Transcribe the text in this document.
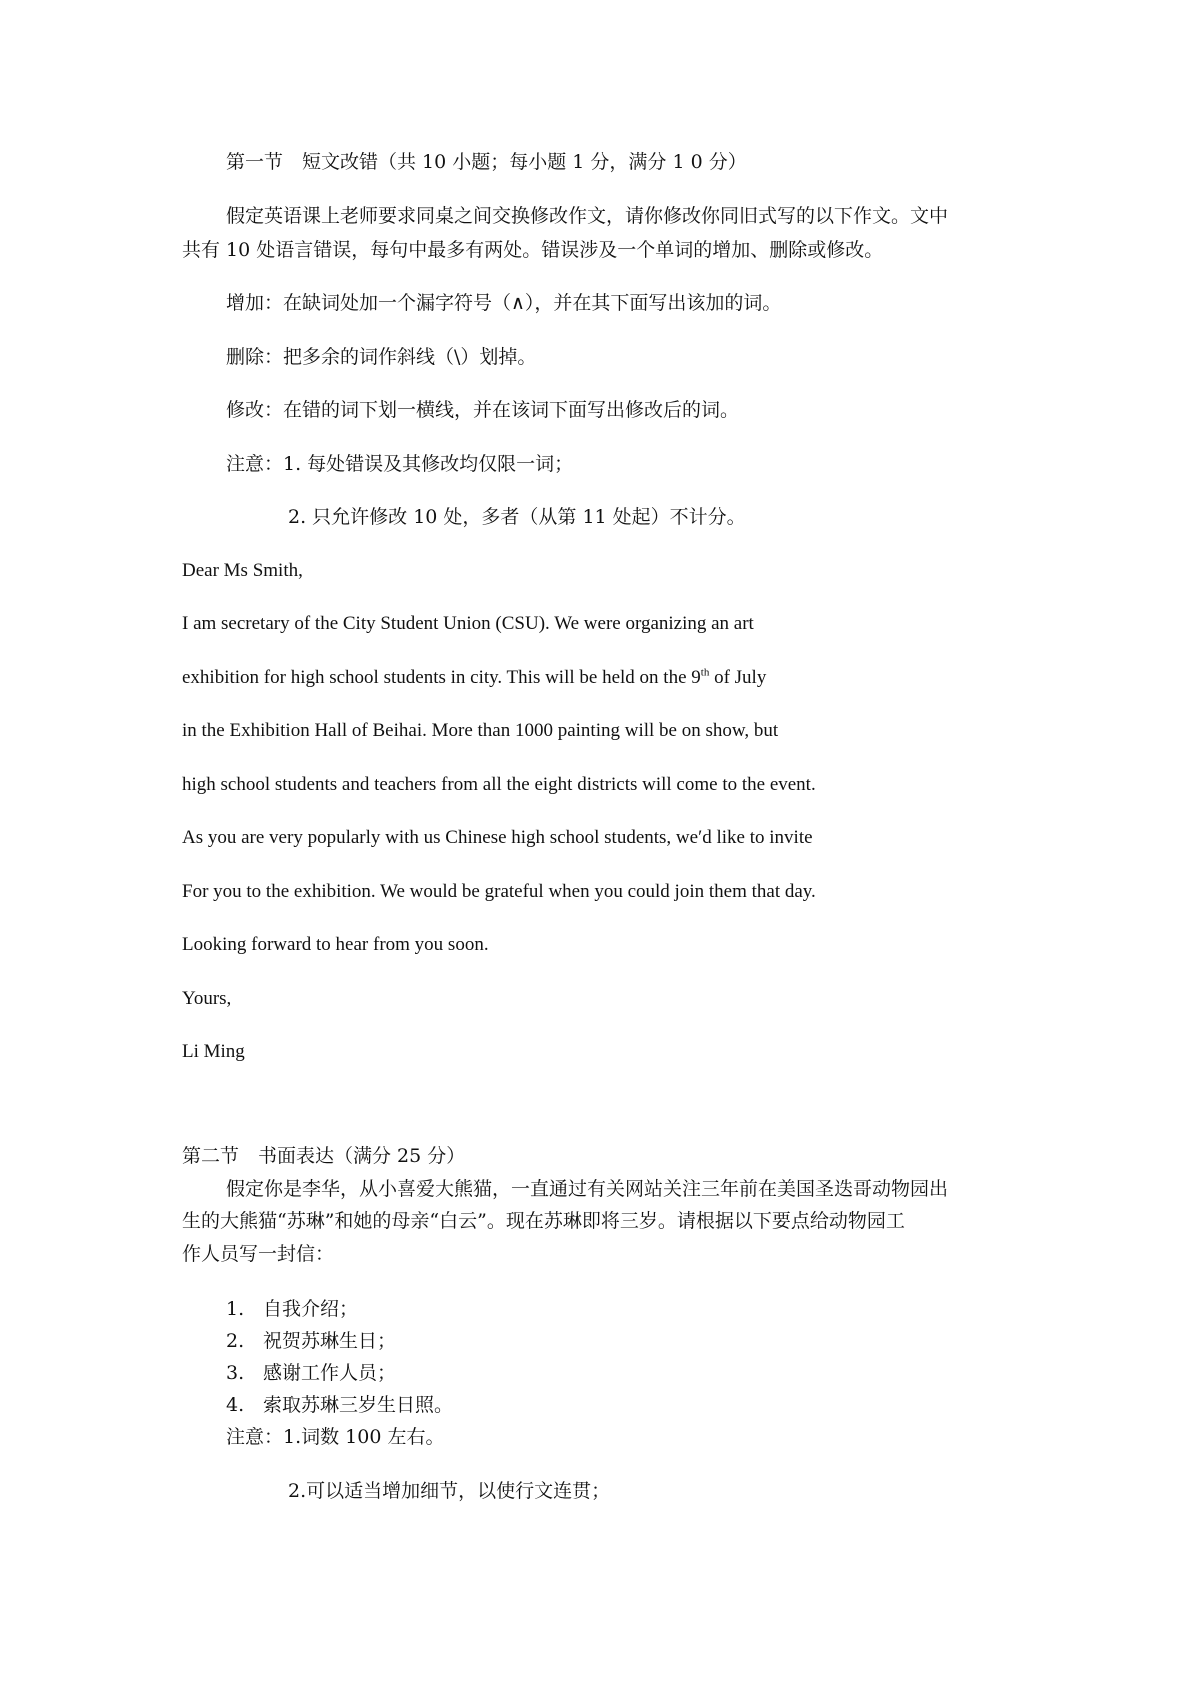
第一节　短文改错（共 10 小题；每小题 1 分，满分 1 0 分）
假定英语课上老师要求同桌之间交换修改作文，请你修改你同旧式写的以下作文。文中
共有 10 处语言错误，每句中最多有两处。错误涉及一个单词的增加、删除或修改。
增加：在缺词处加一个漏字符号（∧），并在其下面写出该加的词。
删除：把多余的词作斜线（\）划掉。
修改：在错的词下划一横线，并在该词下面写出修改后的词。
注意：1. 每处错误及其修改均仅限一词；
2. 只允许修改 10 处，多者（从第 11 处起）不计分。
Dear Ms Smith,
I am secretary of the City Student Union (CSU). We were organizing an art
exhibition for high school students in city. This will be held on the 9th of July
in the Exhibition Hall of Beihai. More than 1000 painting will be on show, but
high school students and teachers from all the eight districts will come to the event.
As you are very popularly with us Chinese high school students, we′d like to invite
For you to the exhibition. We would be grateful when you could join them that day.
Looking forward to hear from you soon.
Yours,
Li Ming
第二节　书面表达（满分 25 分）
假定你是李华，从小喜爱大熊猫，一直通过有关网站关注三年前在美国圣迭哥动物园出
生的大熊猫“苏琳”和她的母亲“白云”。现在苏琳即将三岁。请根据以下要点给动物园工
作人员写一封信：
1. 自我介绍；
2. 祝贺苏琳生日；
3. 感谢工作人员；
4. 索取苏琳三岁生日照。
注意：1.词数 100 左右。
2.可以适当增加细节，以使行文连贯；
